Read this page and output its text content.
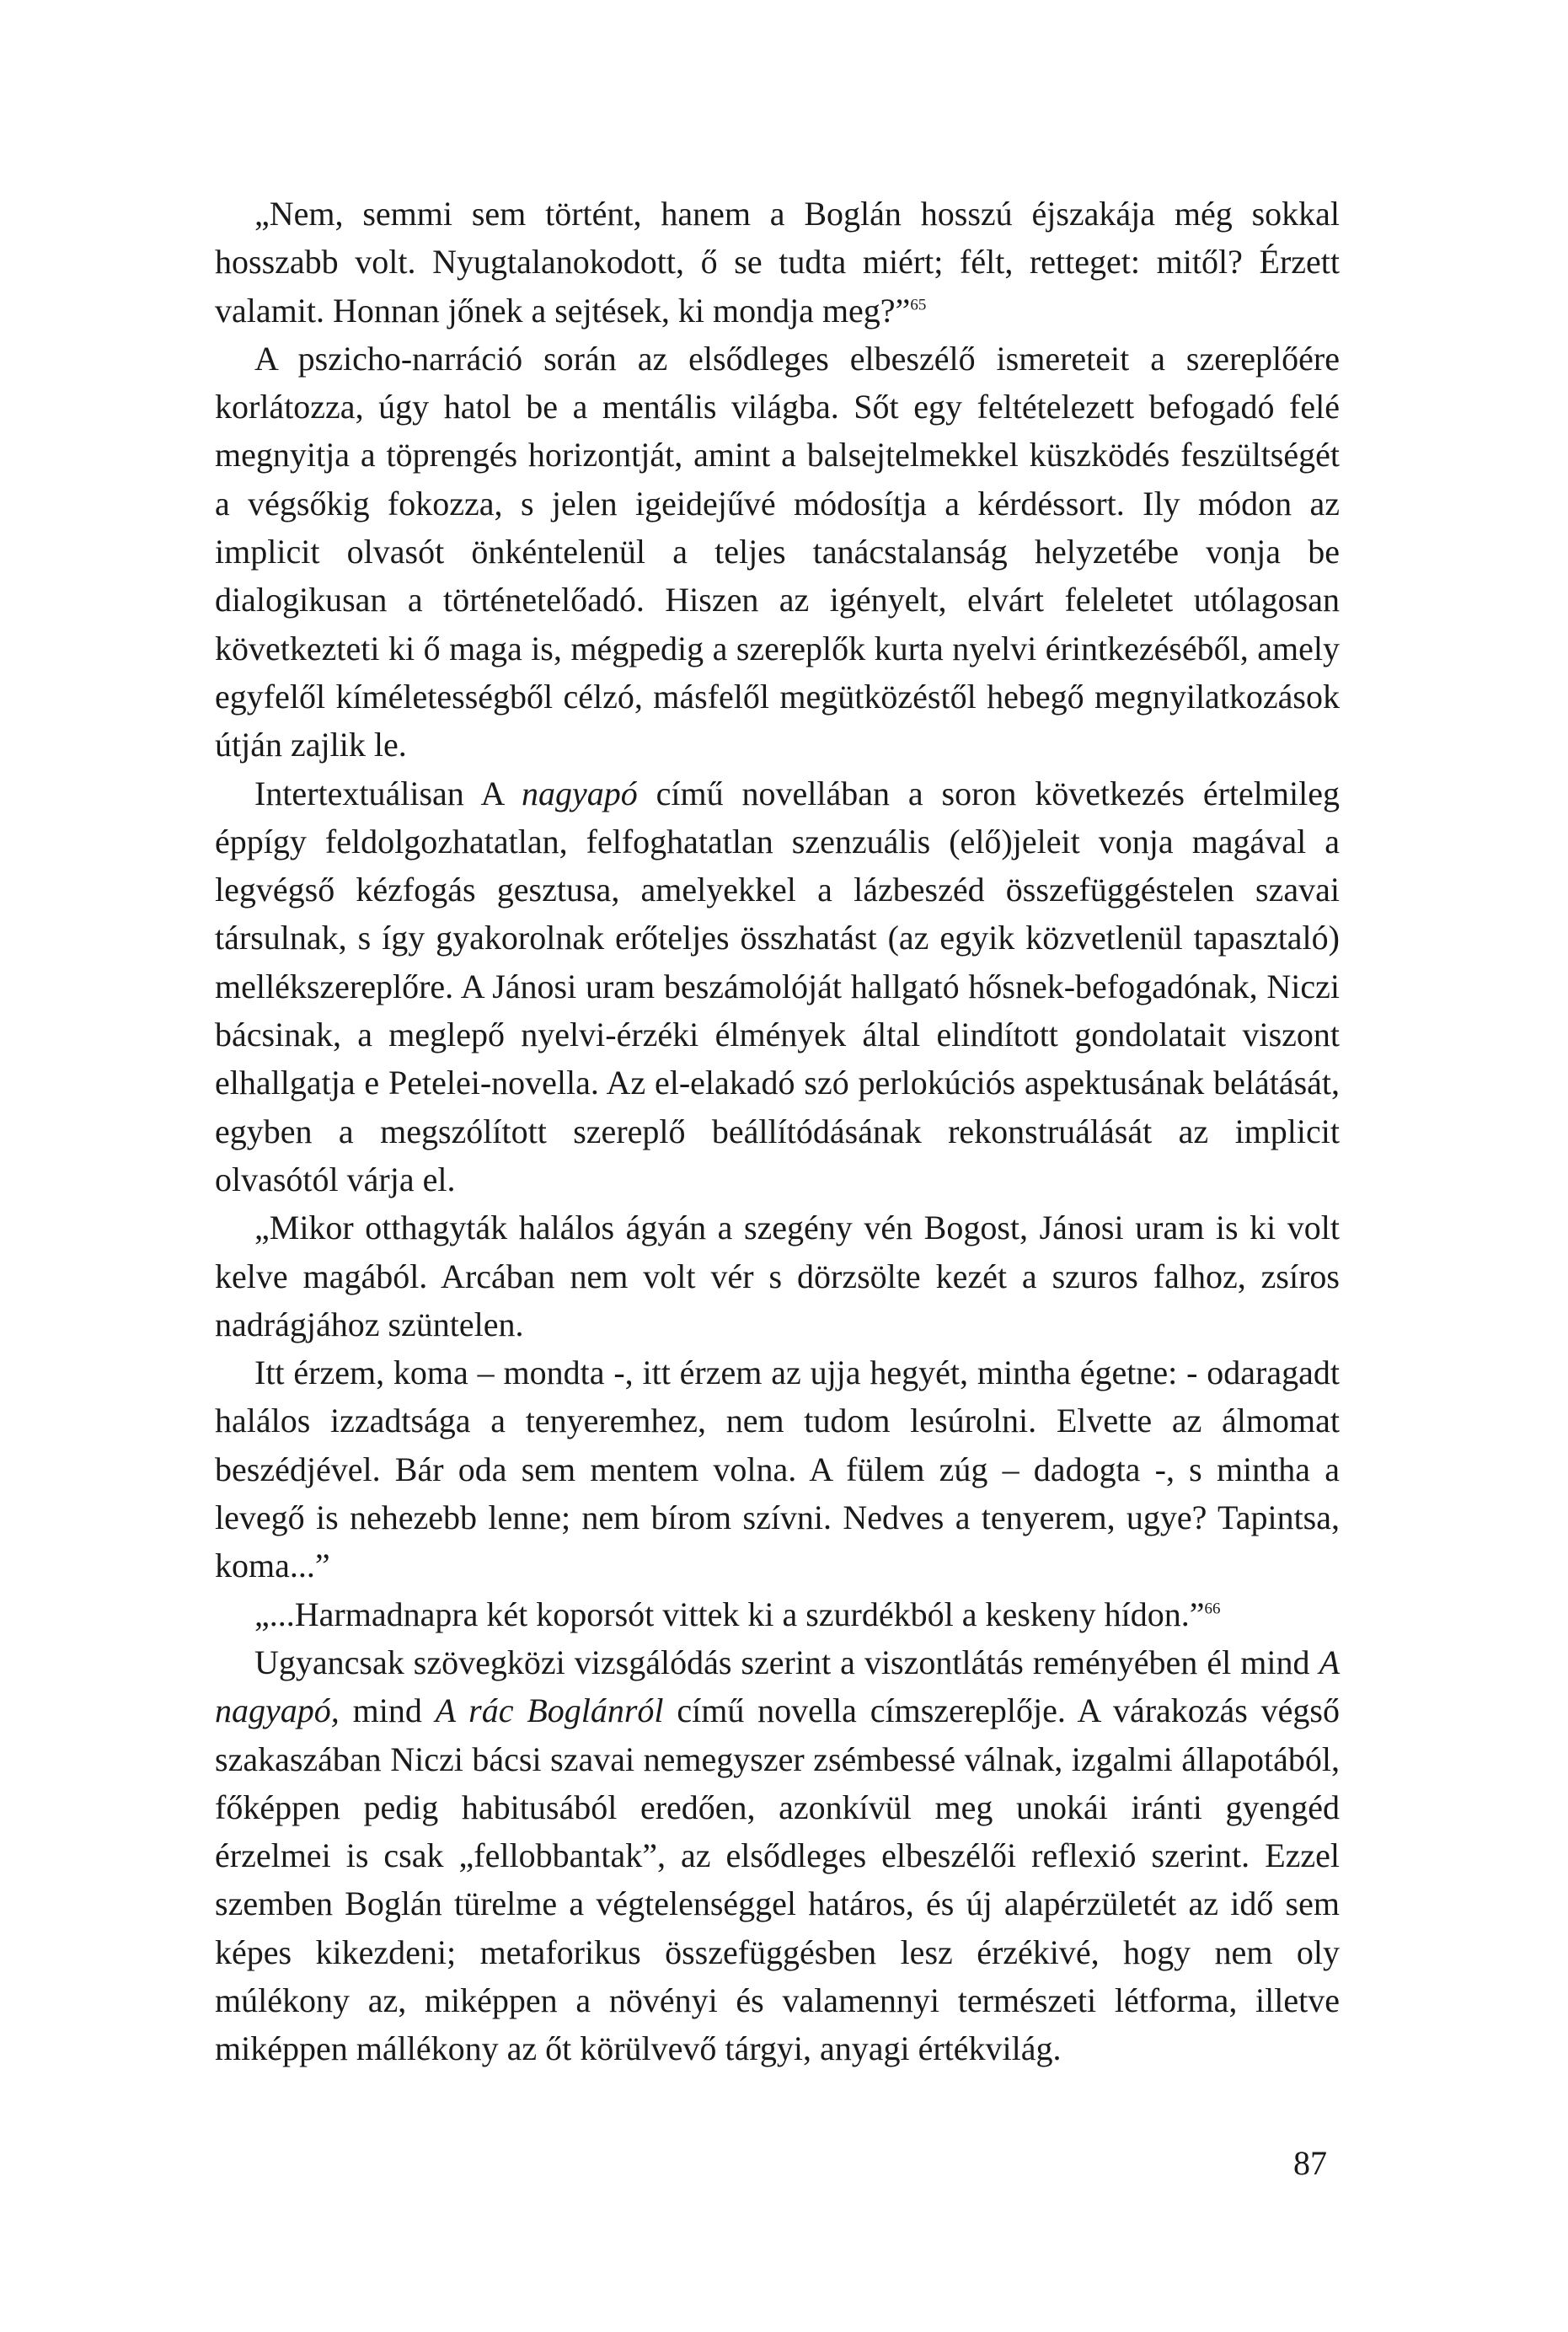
„Nem, semmi sem történt, hanem a Boglán hosszú éjszakája még sokkal hosszabb volt. Nyugtalanokodott, ő se tudta miért; félt, retteget: mitől? Érzett valamit. Honnan jőnek a sejtések, ki mondja meg?”$^{65}$

A pszicho-narráció során az elsődleges elbeszélő ismereteit a szereplőére korlátozza, úgy hatol be a mentális világba. Sőt egy feltételezett befogadó felé megnyitja a töprengés horizontját, amint a balsejtelmekkel küszködés feszültségét a végsőkig fokozza, s jelen igeidejűvé módosítja a kérdéssort. Ily módon az implicit olvasót önkéntelenül a teljes tanácstalanság helyzetébe vonja be dialogikusan a történetelőadó. Hiszen az igényelt, elvárt feleletet utólagosan következteti ki ő maga is, mégpedig a szereplők kurta nyelvi érintkezéséből, amely egyfelől kíméletességből célzó, másfelől megütközéstől hebegő megnyilatkozások útján zajlik le.

Intertextuálisan A nagyapó című novellában a soron következés értelmileg éppígy feldolgozhatatlan, felfoghatatlan szenzuális (elő)jeleit vonja magával a legvégső kézfogás gesztusa, amelyekkel a lázbeszéd összefüggéstelen szavai társulnak, s így gyakorolnak erőteljes összhatást (az egyik közvetlenül tapasztaló) mellékszereplőre. A Jánosi uram beszámolóját hallgató hősnek-befogadónak, Niczi bácsinak, a meglepő nyelvi-érzéki élmények által elindított gondolatait viszont elhallgatja e Petelei-novella. Az el-elakadó szó perlokúciós aspektusának belátását, egyben a megszólított szereplő beállítódásának rekonstruálását az implicit olvasótól várja el.

„Mikor otthagyták halálos ágyán a szegény vén Bogost, Jánosi uram is ki volt kelve magából. Arcában nem volt vér s dörzsölte kezét a szuros falhoz, zsíros nadrágjához szüntelen.

Itt érzem, koma – mondta -, itt érzem az ujja hegyét, mintha égetne: - odaragadt halálos izzadtsága a tenyeremhez, nem tudom lesúrolni. Elvette az álmomat beszédjével. Bár oda sem mentem volna. A fülem zúg – dadogta -, s mintha a levegő is nehezebb lenne; nem bírom szívni. Nedves a tenyerem, ugye? Tapintsa, koma...”

„...Harmadnapra két koporsót vittek ki a szurdékból a keskeny hídon.”$^{66}$

Ugyancsak szövegközi vizsgálódás szerint a viszontlátás reményében él mind A nagyapó, mind A rác Boglánról című novella címszereplője. A várakozás végső szakaszában Niczi bácsi szavai nemegyszer zsémbessé válnak, izgalmi állapotából, főképpen pedig habitusából eredően, azonkívül meg unokái iránti gyengéd érzelmei is csak „fellobbantak”, az elsődleges elbeszélői reflexió szerint. Ezzel szemben Boglán türelme a végtelenséggel határos, és új alapérzületét az idő sem képes kikezdeni; metaforikus összefüggésben lesz érzékivé, hogy nem oly múlékony az, miképpen a növényi és valamennyi természeti létforma, illetve miképpen mállékony az őt körülvevő tárgyi, anyagi értékvilág.

87
